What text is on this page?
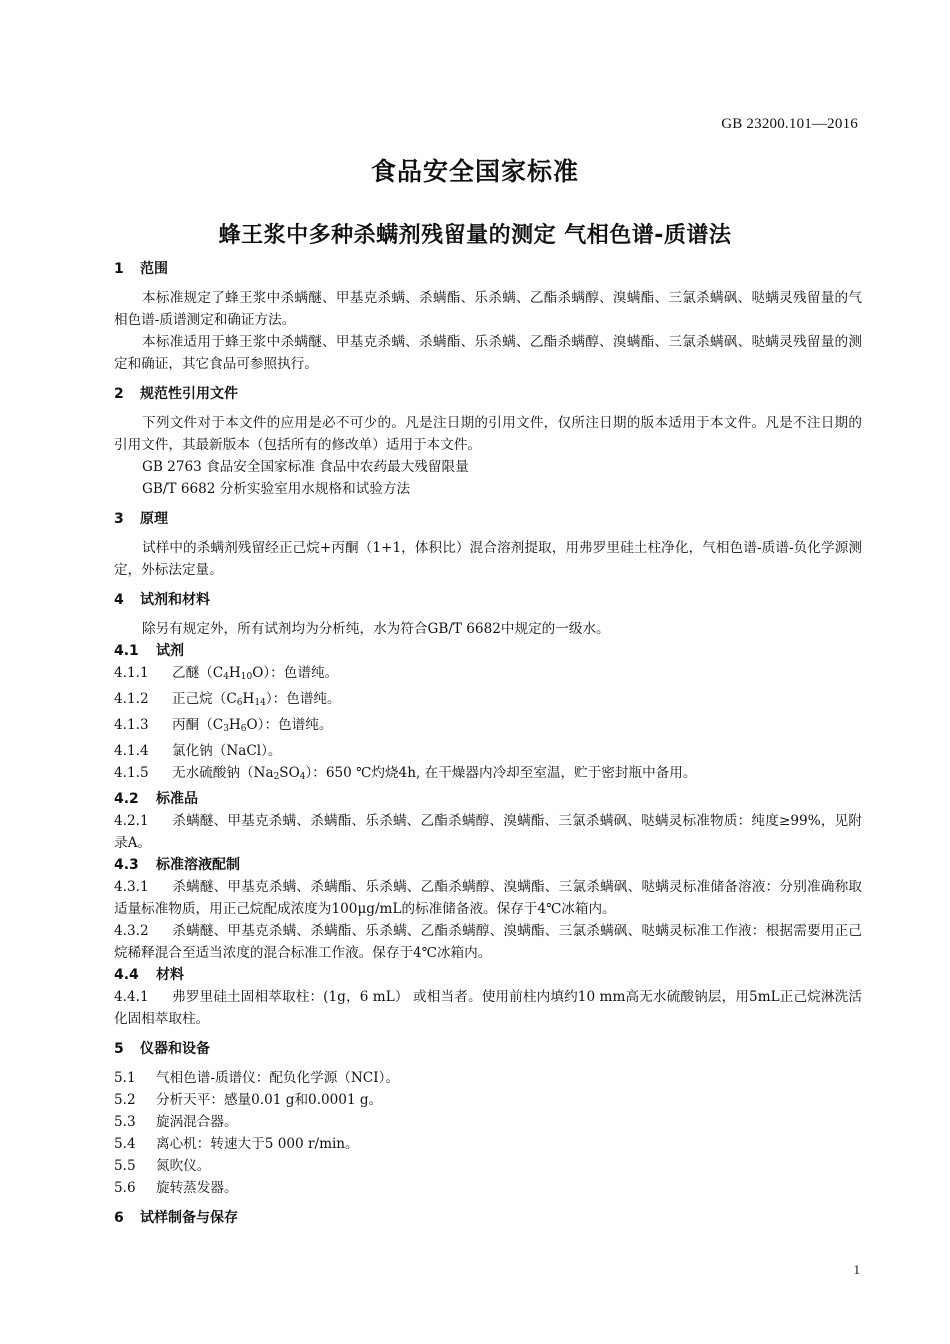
GB 23200.101—2016
食品安全国家标准
蜂王浆中多种杀螨剂残留量的测定 气相色谱-质谱法
1 范围
本标准规定了蜂王浆中杀螨醚、甲基克杀螨、杀螨酯、乐杀螨、乙酯杀螨醇、溴螨酯、三氯杀螨砜、哒螨灵残留量的气相色谱-质谱测定和确证方法。
本标准适用于蜂王浆中杀螨醚、甲基克杀螨、杀螨酯、乐杀螨、乙酯杀螨醇、溴螨酯、三氯杀螨砜、哒螨灵残留量的测定和确证，其它食品可参照执行。
2 规范性引用文件
下列文件对于本文件的应用是必不可少的。凡是注日期的引用文件，仅所注日期的版本适用于本文件。凡是不注日期的引用文件，其最新版本（包括所有的修改单）适用于本文件。
GB 2763 食品安全国家标准 食品中农药最大残留限量
GB/T 6682 分析实验室用水规格和试验方法
3 原理
试样中的杀螨剂残留经正己烷+丙酮（1+1，体积比）混合溶剂提取，用弗罗里硅土柱净化，气相色谱-质谱-负化学源测定，外标法定量。
4 试剂和材料
除另有规定外，所有试剂均为分析纯，水为符合GB/T 6682中规定的一级水。
4.1 试剂
4.1.1 乙醚$(C_4H_{10}O)$：色谱纯。
4.1.2 正己烷$(C_6H_{14})$：色谱纯。
4.1.3 丙酮$(C_3H_6O)$：色谱纯。
4.1.4 氯化钠（NaCl）。
4.1.5 无水硫酸钠$(Na_2SO_4)$：650 ℃灼烧4h, 在干燥器内冷却至室温，贮于密封瓶中备用。
4.2 标准品
4.2.1 杀螨醚、甲基克杀螨、杀螨酯、乐杀螨、乙酯杀螨醇、溴螨酯、三氯杀螨砜、哒螨灵标准物质：纯度≥99%，见附录A。
4.3 标准溶液配制
4.3.1 杀螨醚、甲基克杀螨、杀螨酯、乐杀螨、乙酯杀螨醇、溴螨酯、三氯杀螨砜、哒螨灵标准储备溶液：分别准确称取适量标准物质，用正己烷配成浓度为100μg/mL的标准储备液。保存于4℃冰箱内。
4.3.2 杀螨醚、甲基克杀螨、杀螨酯、乐杀螨、乙酯杀螨醇、溴螨酯、三氯杀螨砜、哒螨灵标准工作液：根据需要用正己烷稀释混合至适当浓度的混合标准工作液。保存于4℃冰箱内。
4.4 材料
4.4.1 弗罗里硅土固相萃取柱：(1g，6 mL） 或相当者。使用前柱内填约10 mm高无水硫酸钠层，用5mL正己烷淋洗活化固相萃取柱。
5 仪器和设备
5.1 气相色谱-质谱仪：配负化学源（NCI）。
5.2 分析天平：感量0.01 g和0.0001 g。
5.3 旋涡混合器。
5.4 离心机：转速大于5 000 r/min。
5.5 氮吹仪。
5.6 旋转蒸发器。
6 试样制备与保存
1
